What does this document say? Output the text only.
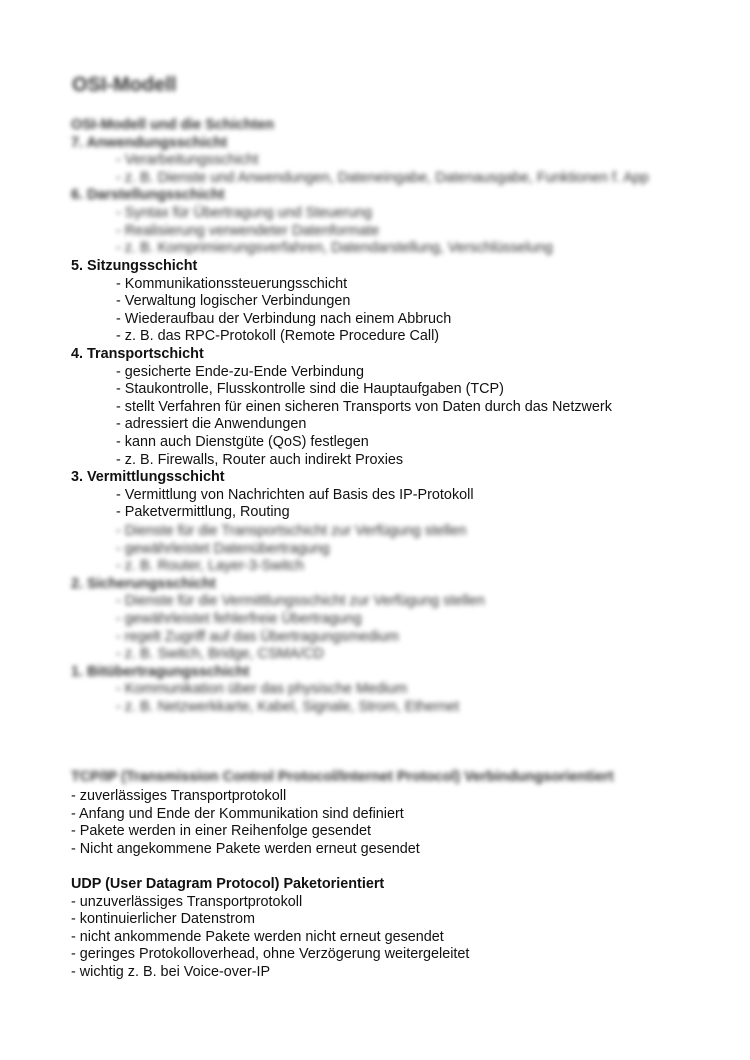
OSI-Modell
OSI-Modell und die Schichten
7. Anwendungsschicht
- Verarbeitungsschicht
- z. B. Dienste und Anwendungen, Dateneingabe, Datenausgabe, Funktionen f. App
6. Darstellungsschicht
- Syntax für Übertragung und Steuerung
- Realisierung verwendeter Datenformate
- z. B. Komprimierungsverfahren, Datendarstellung, Verschlüsselung
5. Sitzungsschicht
- Kommunikationssteuerungsschicht
- Verwaltung logischer Verbindungen
- Wiederaufbau der Verbindung nach einem Abbruch
- z. B. das RPC-Protokoll (Remote Procedure Call)
4. Transportschicht
- gesicherte Ende-zu-Ende Verbindung
- Staukontrolle, Flusskontrolle sind die Hauptaufgaben (TCP)
- stellt Verfahren für einen sicheren Transports von Daten durch das Netzwerk
- adressiert die Anwendungen
- kann auch Dienstgüte (QoS) festlegen
- z. B. Firewalls, Router auch indirekt Proxies
3. Vermittlungsschicht
- Vermittlung von Nachrichten auf Basis des IP-Protokoll
- Paketvermittlung, Routing
- Dienste für die Transportschicht zur Verfügung stellen
- gewährleistet Datenübertragung
- z. B. Router, Layer-3-Switch
2. Sicherungsschicht
- Dienste für die Vermittlungsschicht zur Verfügung stellen
- gewährleistet fehlerfreie Übertragung
- regelt Zugriff auf das Übertragungsmedium
- z. B. Switch, Bridge, CSMA/CD
1. Bitübertragungsschicht
- Kommunikation über das physische Medium
- z. B. Netzwerkkarte, Kabel, Signale, Strom, Ethernet
TCP/IP (Transmission Control Protocol/Internet Protocol) Verbindungsorientiert
- zuverlässiges Transportprotokoll
- Anfang und Ende der Kommunikation sind definiert
- Pakete werden in einer Reihenfolge gesendet
- Nicht angekommene Pakete werden erneut gesendet
UDP (User Datagram Protocol) Paketorientiert
- unzuverlässiges Transportprotokoll
- kontinuierlicher Datenstrom
- nicht ankommende Pakete werden nicht erneut gesendet
- geringes Protokolloverhead, ohne Verzögerung weitergeleitet
- wichtig z. B. bei Voice-over-IP
